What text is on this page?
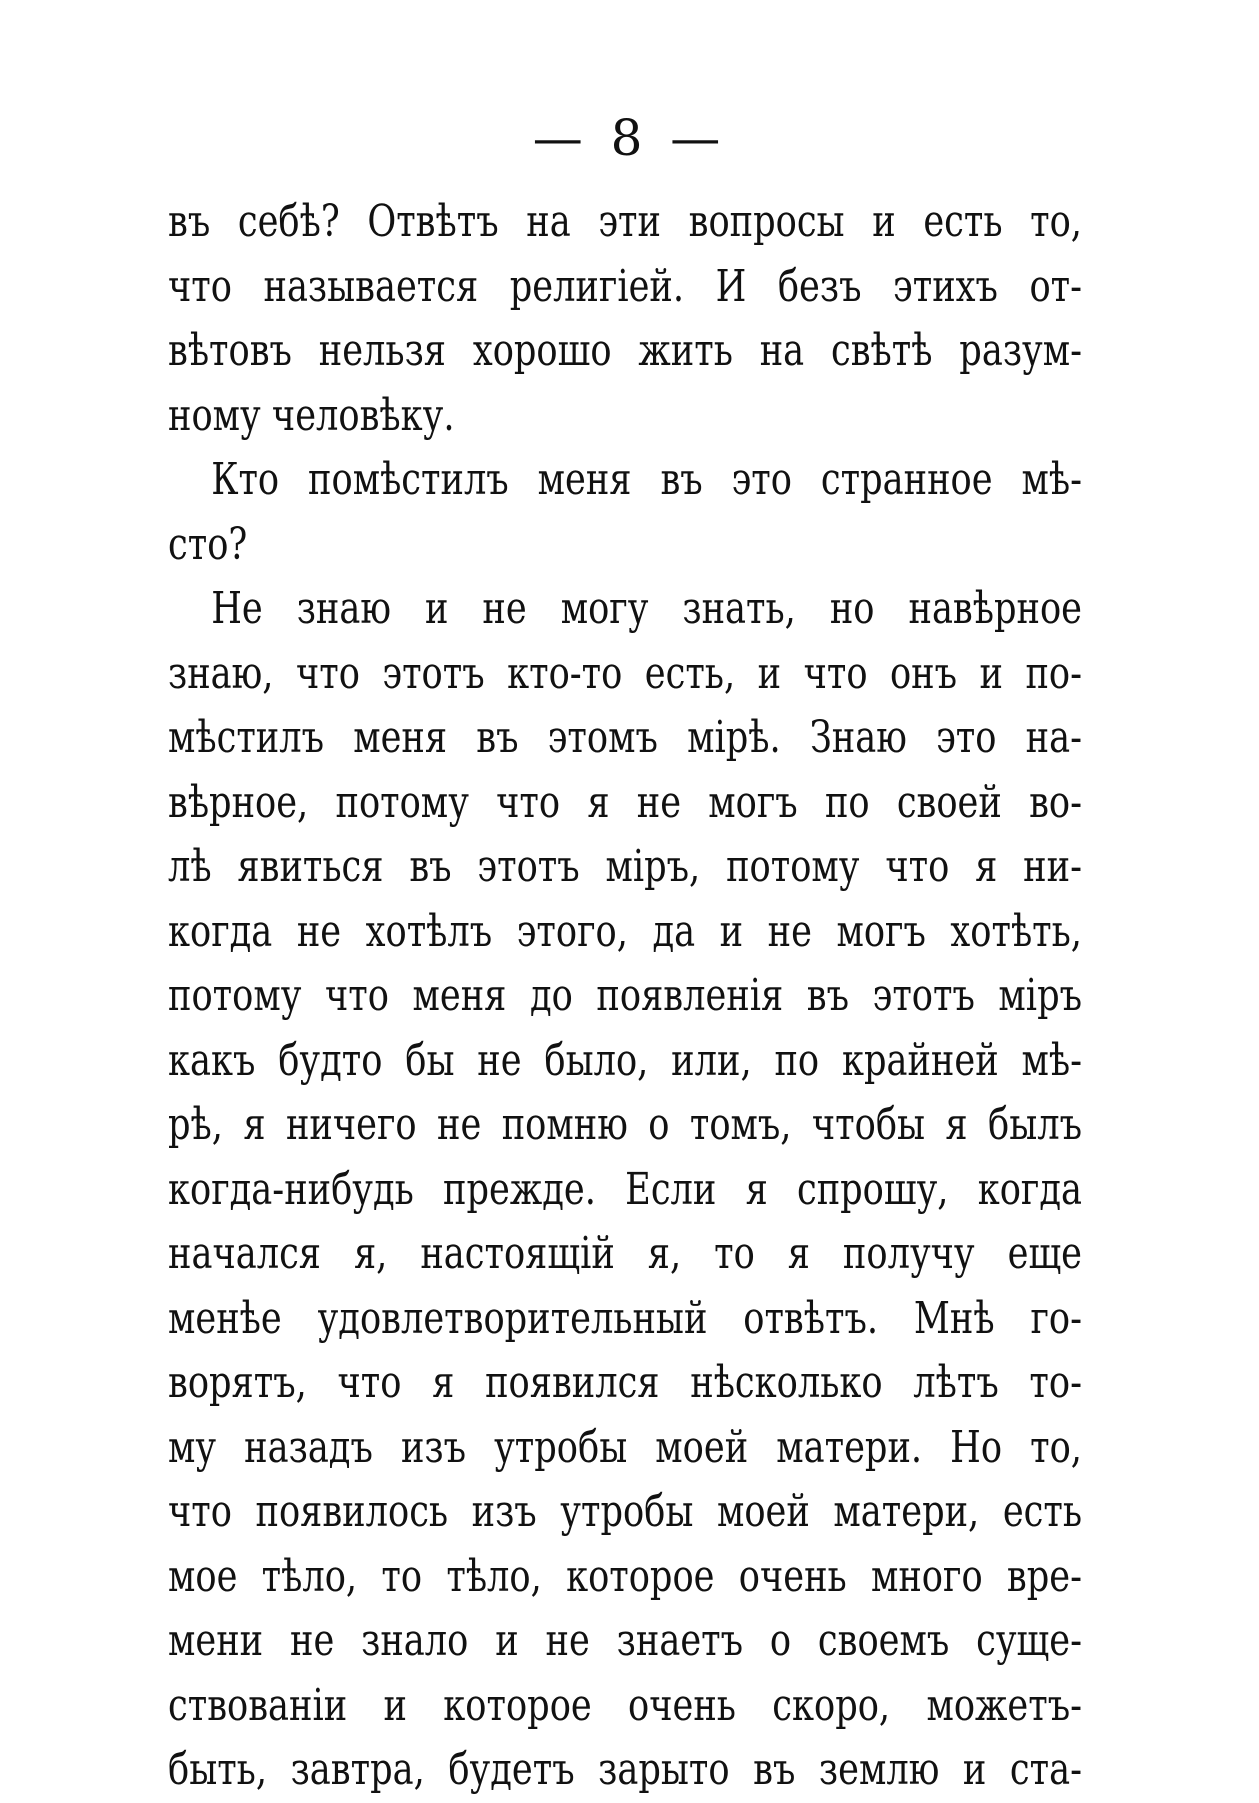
— 8 —
въ себѣ? Отвѣтъ на эти вопросы и есть то,
что называется религіей. И безъ этихъ от-
вѣтовъ нельзя хорошо жить на свѣтѣ разум-
ному человѣку.
Кто помѣстилъ меня въ это странное мѣ-
сто?
Не знаю и не могу знать, но навѣрное
знаю, что этотъ кто-то есть, и что онъ и по-
мѣстилъ меня въ этомъ мірѣ. Знаю это на-
вѣрное, потому что я не могъ по своей во-
лѣ явиться въ этотъ міръ, потому что я ни-
когда не хотѣлъ этого, да и не могъ хотѣть,
потому что меня до появленія въ этотъ міръ
какъ будто бы не было, или, по крайней мѣ-
рѣ, я ничего не помню о томъ, чтобы я былъ
когда-нибудь прежде. Если я спрошу, когда
начался я, настоящій я, то я получу еще
менѣе удовлетворительный отвѣтъ. Мнѣ го-
ворятъ, что я появился нѣсколько лѣтъ то-
му назадъ изъ утробы моей матери. Но то,
что появилось изъ утробы моей матери, есть
мое тѣло, то тѣло, которое очень много вре-
мени не знало и не знаетъ о своемъ суще-
ствованіи и которое очень скоро, можетъ-
быть, завтра, будетъ зарыто въ землю и ста-
